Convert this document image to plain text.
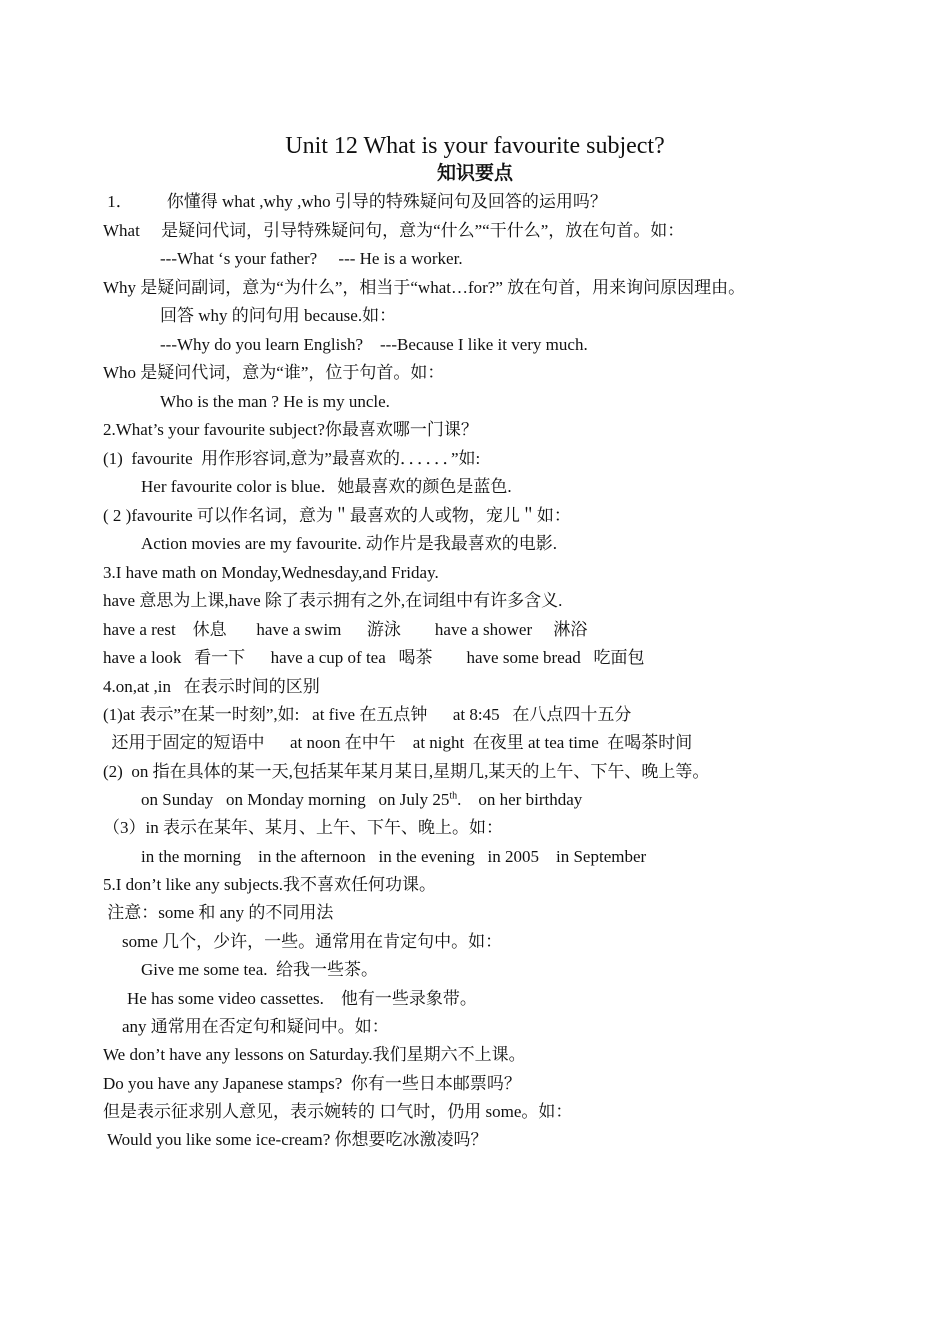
Unit 12 What is your favourite subject?
知识要点
1．        你懂得 what ,why ,who 引导的特殊疑问句及回答的运用吗？
What     是疑问代词，引导特殊疑问句，意为“什么”“干什么”，放在句首。如：
---What ‘s your father?     --- He is a worker.
Why 是疑问副词，意为“为什么”，相当于“what…for?” 放在句首，用来询问原因理由。
回答 why 的问句用 because.如：
---Why do you learn English?    ---Because I like it very much.
Who 是疑问代词，意为“谁”，位于句首。如：
Who is the man ? He is my uncle.
2.What’s your favourite subject?你最喜欢哪一门课？
(1)  favourite  用作形容词,意为”最喜欢的．．．．．．”如:
Her favourite color is blue．她最喜欢的颜色是蓝色.
( 2 )favourite 可以作名词，意为＂最喜欢的人或物，宠儿＂如：
Action movies are my favourite. 动作片是我最喜欢的电影.
3.I have math on Monday,Wednesday,and Friday.
have 意思为上课,have 除了表示拥有之外,在词组中有许多含义.
have a rest    休息       have a swim      游泳        have a shower     淋浴
have a look   看一下      have a cup of tea   喝茶        have some bread   吃面包
4.on,at ,in   在表示时间的区别
(1)at 表示”在某一时刻”,如:   at five 在五点钟      at 8:45   在八点四十五分
还用于固定的短语中      at noon 在中午    at night  在夜里 at tea time  在喝茶时间
(2)  on 指在具体的某一天,包括某年某月某日,星期几,某天的上午、下午、晚上等。
on Sunday   on Monday morning   on July 25th.    on her birthday
（3）in 表示在某年、某月、上午、下午、晚上。如：
in the morning    in the afternoon   in the evening   in 2005    in September
5.I don’t like any subjects.我不喜欢任何功课。
注意：some 和 any 的不同用法
some 几个，少许，一些。通常用在肯定句中。如：
Give me some tea.  给我一些茶。
He has some video cassettes.    他有一些录象带。
any 通常用在否定句和疑问中。如：
We don’t have any lessons on Saturday.我们星期六不上课。
Do you have any Japanese stamps?  你有一些日本邮票吗？
但是表示征求别人意见，表示婉转的 口气时，仍用 some。如：
Would you like some ice-cream? 你想要吃冰激凌吗？
